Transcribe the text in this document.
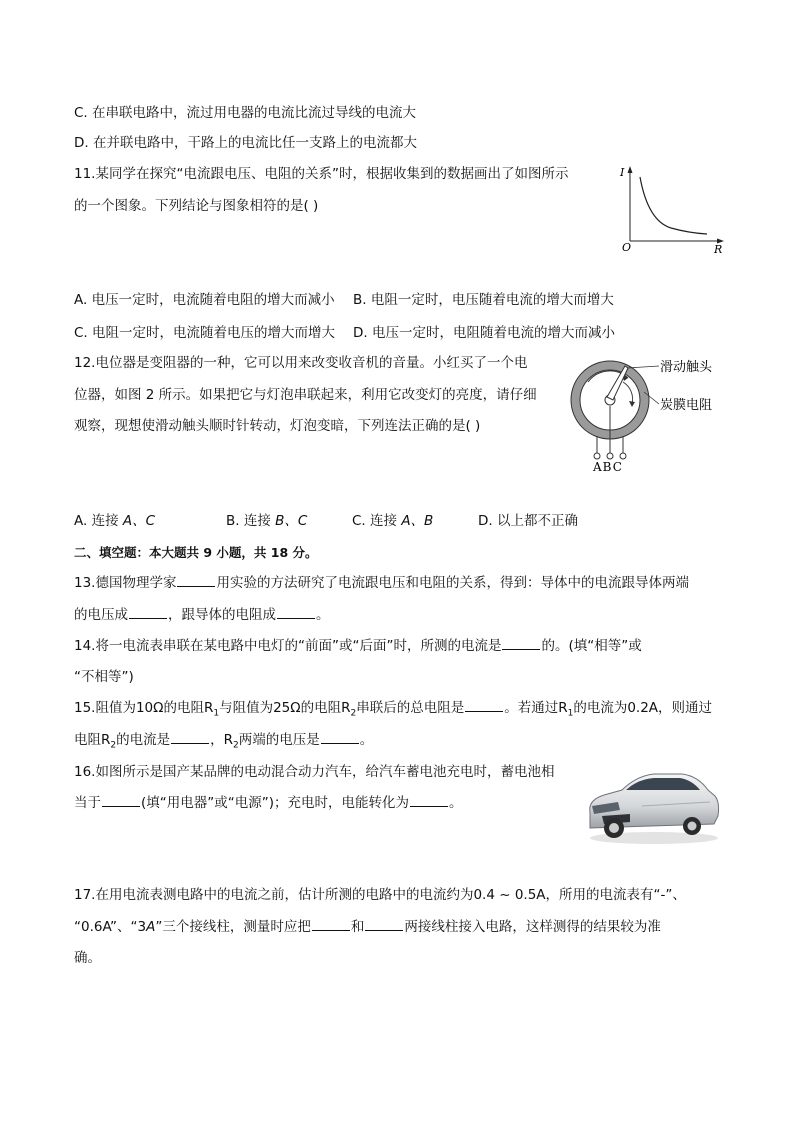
C. 在串联电路中，流过用电器的电流比流过导线的电流大
D. 在并联电路中，干路上的电流比任一支路上的电流都大
11.某同学在探究“电流跟电压、电阻的关系”时，根据收集到的数据画出了如图所示
的一个图象。下列结论与图象相符的是( )
I
O	R
A. 电压一定时，电流随着电阻的增大而减小 B. 电阻一定时，电压随着电流的增大而增大
C. 电阻一定时，电流随着电压的增大而增大 D. 电压一定时，电阻随着电流的增大而减小
12.电位器是变阻器的一种，它可以用来改变收音机的音量。小红买了一个电
位器，如图 2 所示。如果把它与灯泡串联起来，利用它改变灯的亮度，请仔细
观察，现想使滑动触头顺时针转动，灯泡变暗，下列连法正确的是( )
ABC
滑动触头
炭膜电阻
A. 连接 A、C	B. 连接 B、C	C. 连接 A、B	D. 以上都不正确
二、填空题：本大题共 9 小题，共 18 分。
13.德国物理学家	用实验的方法研究了电流跟电压和电阻的关系，得到：导体中的电流跟导体两端
的电压成	，跟导体的电阻成	。
14.将一电流表串联在某电路中电灯的“前面”或“后面”时，所测的电流是	的。(填“相等”或
“不相等”)
15.阻值为10Ω的电阻$R_1$与阻值为25Ω的电阻$R_2$串联后的总电阻是	。若通过$R_1$的电流为0.2A，则通过
电阻$R_2$的电流是	，$R_2$两端的电压是	。
16.如图所示是国产某品牌的电动混合动力汽车，给汽车蓄电池充电时，蓄电池相
当于	(填“用电器”或“电源”)；充电时，电能转化为	。
17.在用电流表测电路中的电流之前，估计所测的电路中的电流约为0.4 ~ 0.5A，所用的电流表有“-”、
“0.6A”、“3A”三个接线柱，测量时应把	和	两接线柱接入电路，这样测得的结果较为准
确。
